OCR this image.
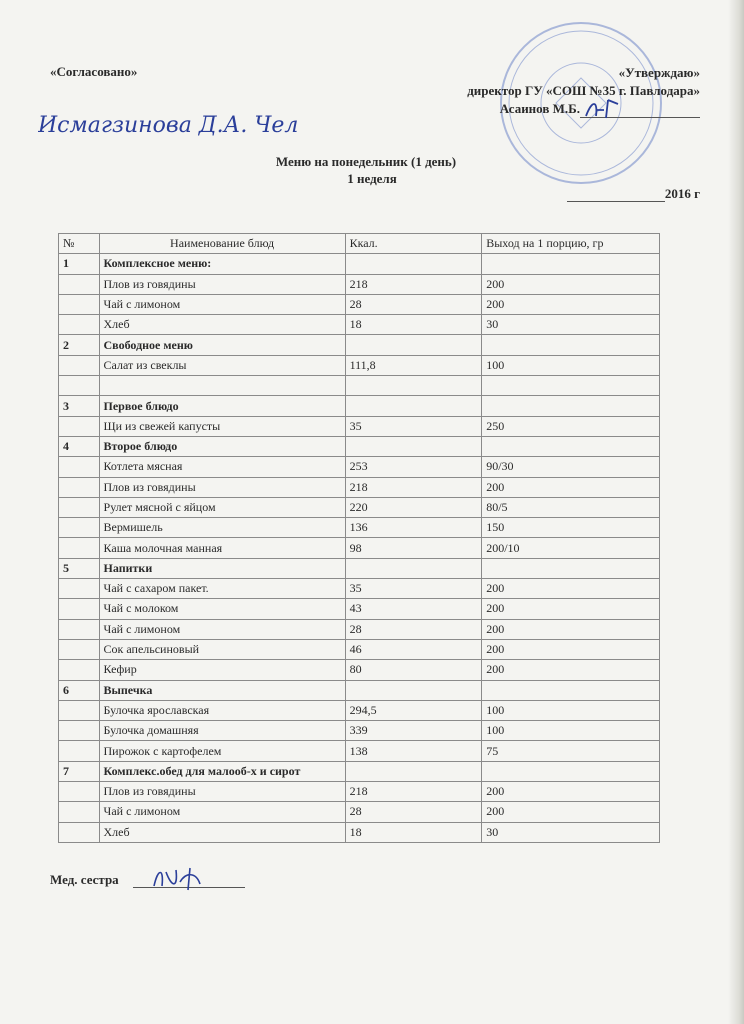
«Согласовано»	«Утверждаю»
директор ГУ «СОШ №35 г. Павлодара»
Асаинов М.Б.
Исмагзинова Д.А. Чел
Меню на понедельник (1 день)
1 неделя
2016 г
№	Наименование блюд	Ккал.	Выход на 1 порцию, гр
1	Комплексное меню:		
	Плов из говядины	218	200
	Чай с лимоном	28	200
	Хлеб	18	30
2	Свободное меню		
	Салат из свеклы	111,8	100

3	Первое блюдо		
	Щи из свежей капусты	35	250
4	Второе блюдо		
	Котлета мясная	253	90/30
	Плов из говядины	218	200
	Рулет мясной с яйцом	220	80/5
	Вермишель	136	150
	Каша молочная манная	98	200/10
5	Напитки		
	Чай с сахаром пакет.	35	200
	Чай с молоком	43	200
	Чай с лимоном	28	200
	Сок апельсиновый	46	200
	Кефир	80	200
6	Выпечка		
	Булочка ярославская	294,5	100
	Булочка домашняя	339	100
	Пирожок с картофелем	138	75
7	Комплекс.обед для малооб-х и сирот		
	Плов из говядины	218	200
	Чай с лимоном	28	200
	Хлеб	18	30
Мед. сестра
